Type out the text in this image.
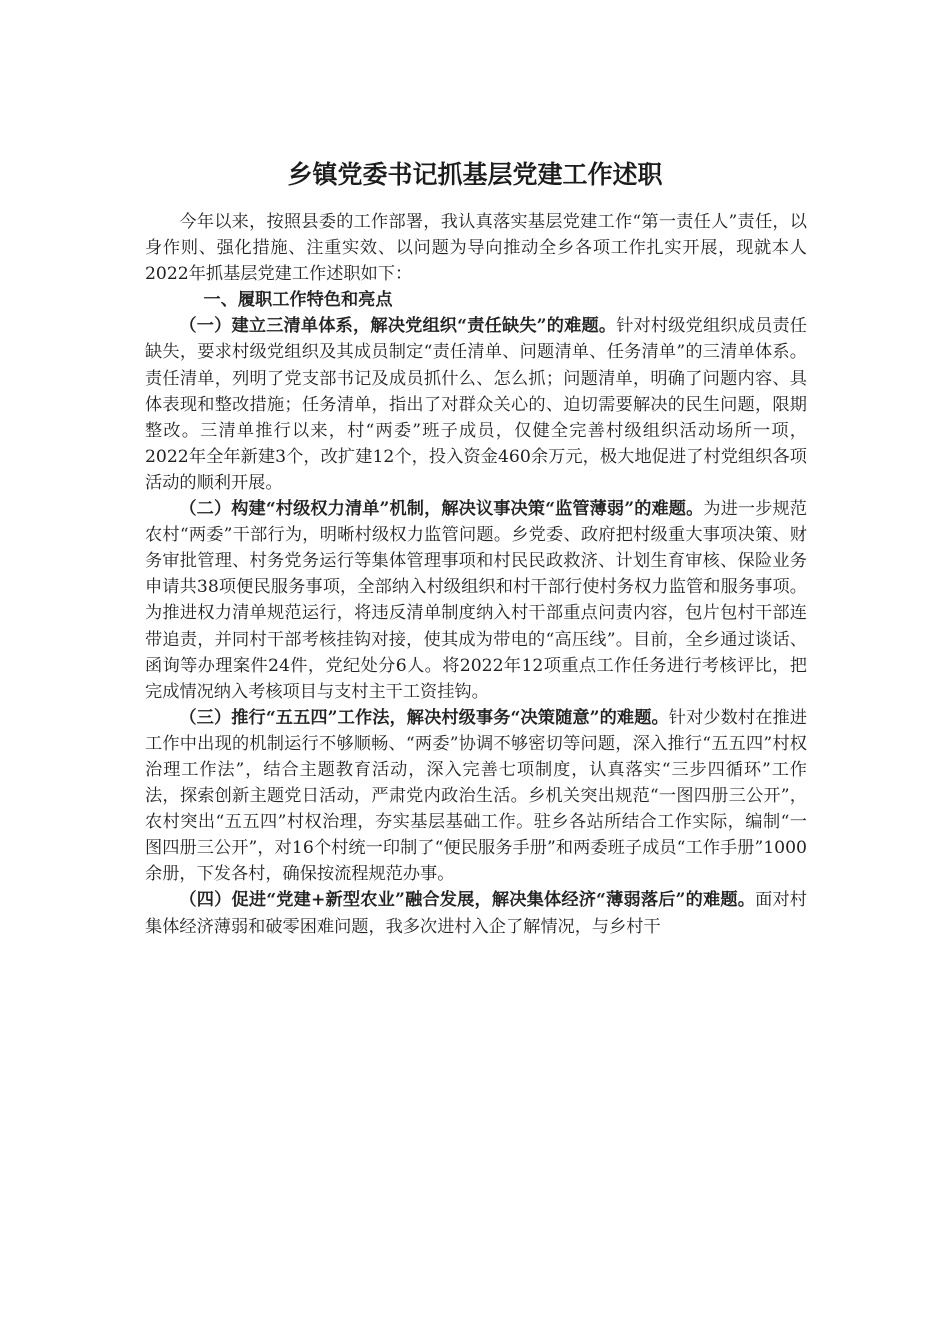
乡镇党委书记抓基层党建工作述职

今年以来，按照县委的工作部署，我认真落实基层党建工作“第一责任人”责任，以身作则、强化措施、注重实效、以问题为导向推动全乡各项工作扎实开展，现就本人2022年抓基层党建工作述职如下：

一、履职工作特色和亮点

（一）建立三清单体系，解决党组织“责任缺失”的难题。针对村级党组织成员责任缺失，要求村级党组织及其成员制定“责任清单、问题清单、任务清单”的三清单体系。责任清单，列明了党支部书记及成员抓什么、怎么抓；问题清单，明确了问题内容、具体表现和整改措施；任务清单，指出了对群众关心的、迫切需要解决的民生问题，限期整改。三清单推行以来，村“两委”班子成员，仅健全完善村级组织活动场所一项，2022年全年新建3个，改扩建12个，投入资金460余万元，极大地促进了村党组织各项活动的顺利开展。

（二）构建“村级权力清单”机制，解决议事决策“监管薄弱”的难题。为进一步规范农村“两委”干部行为，明晰村级权力监管问题。乡党委、政府把村级重大事项决策、财务审批管理、村务党务运行等集体管理事项和村民民政救济、计划生育审核、保险业务申请共38项便民服务事项，全部纳入村级组织和村干部行使村务权力监管和服务事项。为推进权力清单规范运行，将违反清单制度纳入村干部重点问责内容，包片包村干部连带追责，并同村干部考核挂钩对接，使其成为带电的“高压线”。目前，全乡通过谈话、函询等办理案件24件，党纪处分6人。将2022年12项重点工作任务进行考核评比，把完成情况纳入考核项目与支村主干工资挂钩。

（三）推行“五五四”工作法，解决村级事务“决策随意”的难题。针对少数村在推进工作中出现的机制运行不够顺畅、“两委”协调不够密切等问题，深入推行“五五四”村权治理工作法”，结合主题教育活动，深入完善七项制度，认真落实“三步四循环”工作法，探索创新主题党日活动，严肃党内政治生活。乡机关突出规范“一图四册三公开”，农村突出“五五四”村权治理，夯实基层基础工作。驻乡各站所结合工作实际，编制“一图四册三公开”，对16个村统一印制了“便民服务手册”和两委班子成员“工作手册”1000余册，下发各村，确保按流程规范办事。

（四）促进“党建+新型农业”融合发展，解决集体经济“薄弱落后”的难题。面对村集体经济薄弱和破零困难问题，我多次进村入企了解情况，与乡村干
